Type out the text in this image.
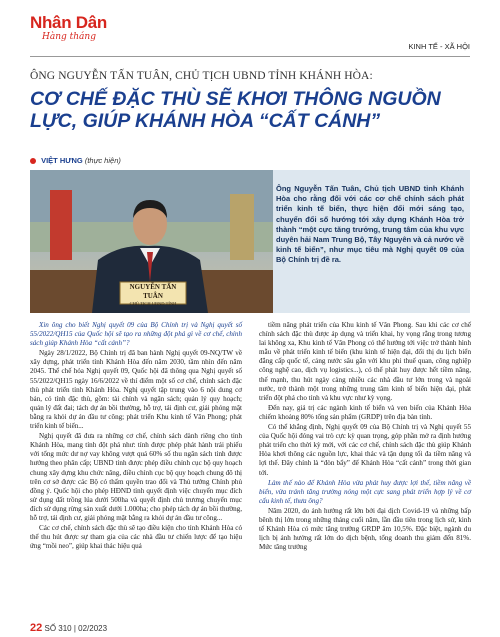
Nhân Dân
Hàng tháng
KINH TẾ - XÃ HỘI
ÔNG NGUYỄN TẤN TUÂN, CHỦ TỊCH UBND TỈNH KHÁNH HÒA:
CƠ CHẾ ĐẶC THÙ SẼ KHƠI THÔNG NGUỒN LỰC, GIÚP KHÁNH HÒA “CẤT CÁNH”
VIỆT HƯNG (thực hiện)
NGUYỄN TẤN TUÂN
CHỦ TỊCH UBND TỈNH
Ông Nguyễn Tấn Tuân, Chủ tịch UBND tỉnh Khánh Hòa cho rằng đối với các cơ chế chính sách phát triển kinh tế biển, thực hiện đổi mới sáng tạo, chuyển đổi số hướng tới xây dựng Khánh Hòa trở thành “một cực tăng trưởng, trung tâm của khu vực duyên hải Nam Trung Bộ, Tây Nguyên và cả nước về kinh tế biển”, như mục tiêu mà Nghị quyết 09 của Bộ Chính trị đề ra.

Xin ông cho biết Nghị quyết 09 của Bộ Chính trị và Nghị quyết số 55/2022/QH15 của Quốc hội sẽ tạo ra những đột phá gì về cơ chế, chính sách giúp Khánh Hòa “cất cánh”?

Ngày 28/1/2022, Bộ Chính trị đã ban hành Nghị quyết 09-NQ/TW về xây dựng, phát triển tỉnh Khánh Hòa đến năm 2030, tầm nhìn đến năm 2045. Thể chế hóa Nghị quyết 09, Quốc hội đã thông qua Nghị quyết số 55/2022/QH15 ngày 16/6/2022 về thí điểm một số cơ chế, chính sách đặc thù phát triển tỉnh Khánh Hòa. Nghị quyết tập trung vào 6 nội dung cơ bản, có tính đặc thù, gồm: tài chính và ngân sách; quản lý quy hoạch; quản lý đất đai; tách dự án bồi thường, hỗ trợ, tái định cư, giải phóng mặt bằng ra khỏi dự án đầu tư công; phát triển Khu kinh tế Vân Phong; phát triển kinh tế biển...

Nghị quyết đã đưa ra những cơ chế, chính sách dành riêng cho tỉnh Khánh Hòa, mang tính đột phá như: tính được phép phát hành trái phiếu với tổng mức dư nợ vay không vượt quá 60% số thu ngân sách tỉnh được hưởng theo phân cấp; UBND tỉnh được phép điều chỉnh cục bộ quy hoạch chung xây dựng khu chức năng, điều chỉnh cục bộ quy hoạch chung đô thị trên cơ sở được các Bộ có thẩm quyền trao đổi và Thủ tướng Chính phủ đồng ý. Quốc hội cho phép HĐND tỉnh quyết định việc chuyển mục đích sử dụng đất trồng lúa dưới 500ha và quyết định chủ trương chuyển mục đích sử dụng rừng sản xuất dưới 1.000ha; cho phép tách dự án bồi thường, hỗ trợ, tái định cư, giải phóng mặt bằng ra khỏi dự án đầu tư công...

Các cơ chế, chính sách đặc thù sẽ tạo điều kiện cho tỉnh Khánh Hòa có thể thu hút được sự tham gia của các nhà đầu tư chiến lược để tạo hiệu ứng “mồi neo”, giúp khai thác hiệu quả

tiềm năng phát triển của Khu kinh tế Vân Phong. Sau khi các cơ chế chính sách đặc thù được áp dụng và triển khai, hy vọng rằng trong tương lai không xa, Khu kinh tế Vân Phong có thể hướng tới việc trở thành hình mẫu về phát triển kinh tế biển (khu kinh tế hiện đại, đổi thị du lịch biển đẳng cấp quốc tế, cảng nước sâu gắn với khu phi thuế quan, công nghiệp công nghệ cao, dịch vụ logistics...), có thể phát huy được hết tiềm năng, thế mạnh, thu hút ngày càng nhiều các nhà đầu tư lớn trong và ngoài nước, trở thành một trong những trung tâm kinh tế biển hiện đại, phát triển đột phá cho tỉnh và khu vực như kỳ vọng.

Đến nay, giá trị các ngành kinh tế biển và ven biển của Khánh Hòa chiếm khoảng 80% tổng sản phẩm (GRDP) trên địa bàn tỉnh.

Có thể khẳng định, Nghị quyết 09 của Bộ Chính trị và Nghị quyết 55 của Quốc hội đóng vai trò cực kỳ quan trọng, góp phần mở ra định hướng phát triển cho thời kỳ mới, với các cơ chế, chính sách đặc thù giúp Khánh Hòa khơi thông các nguồn lực, khai thác và tận dụng tối đa tiềm năng và lợi thế. Đây chính là “đòn bẩy” để Khánh Hòa “cất cánh” trong thời gian tới.

Làm thế nào để Khánh Hòa vừa phát huy được lợi thế, tiềm năng về biển, vừa tránh tăng trưởng nóng một cực sang phát triển hợp lý về cơ cấu kinh tế, thưa ông?

Năm 2020, do ảnh hưởng rất lớn bởi đại dịch Covid-19 và những bấp bênh thị lớn trong những tháng cuối năm, lần đầu tiên trong lịch sử, kinh tế Khánh Hòa có mức tăng trưởng GRDP âm 10,5%. Đặc biệt, ngành du lịch bị ảnh hưởng rất lớn do dịch bệnh, tổng doanh thu giảm đến 81%. Mức tăng trưởng

22 SỐ 310 | 02/2023
